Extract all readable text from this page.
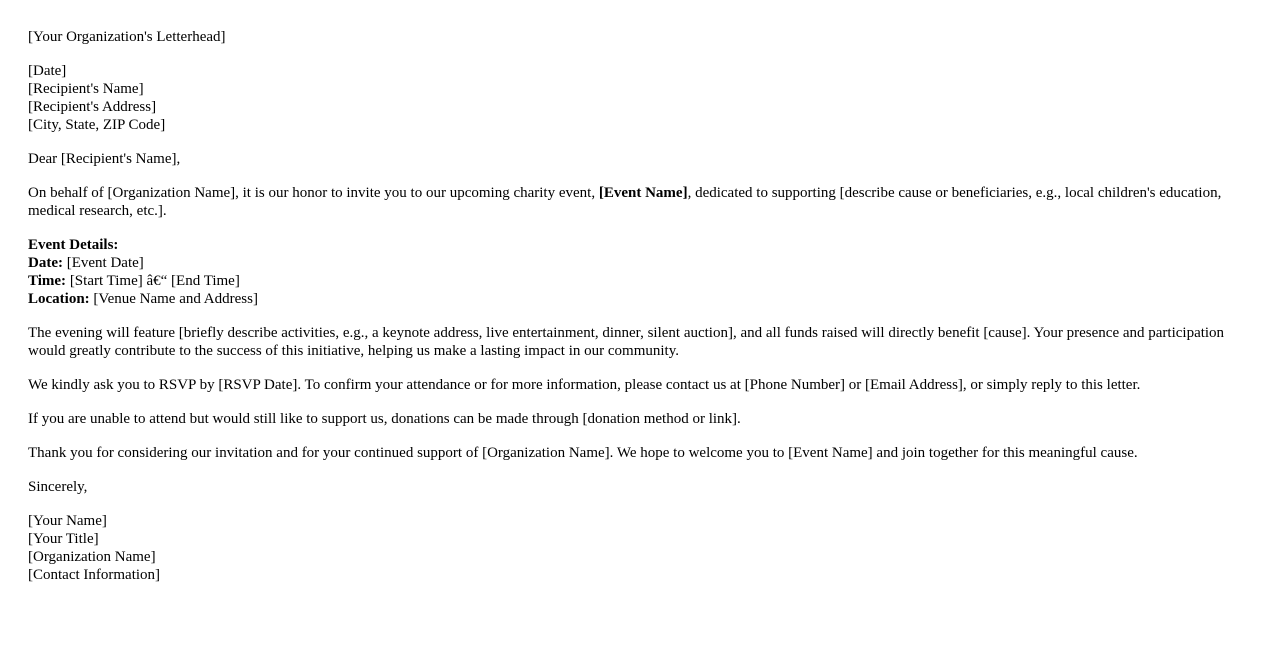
[Your Organization's Letterhead]
[Date]
[Recipient's Name]
[Recipient's Address]
[City, State, ZIP Code]

Dear [Recipient's Name],

On behalf of [Organization Name], it is our honor to invite you to our upcoming charity event, [Event Name], dedicated to supporting [describe cause or beneficiaries, e.g., local children's education, medical research, etc.].

Event Details:
Date: [Event Date]
Time: [Start Time] â€“ [End Time]
Location: [Venue Name and Address]

The evening will feature [briefly describe activities, e.g., a keynote address, live entertainment, dinner, silent auction], and all funds raised will directly benefit [cause]. Your presence and participation would greatly contribute to the success of this initiative, helping us make a lasting impact in our community.

We kindly ask you to RSVP by [RSVP Date]. To confirm your attendance or for more information, please contact us at [Phone Number] or [Email Address], or simply reply to this letter.

If you are unable to attend but would still like to support us, donations can be made through [donation method or link].

Thank you for considering our invitation and for your continued support of [Organization Name]. We hope to welcome you to [Event Name] and join together for this meaningful cause.

Sincerely,

[Your Name]
[Your Title]
[Organization Name]
[Contact Information]
